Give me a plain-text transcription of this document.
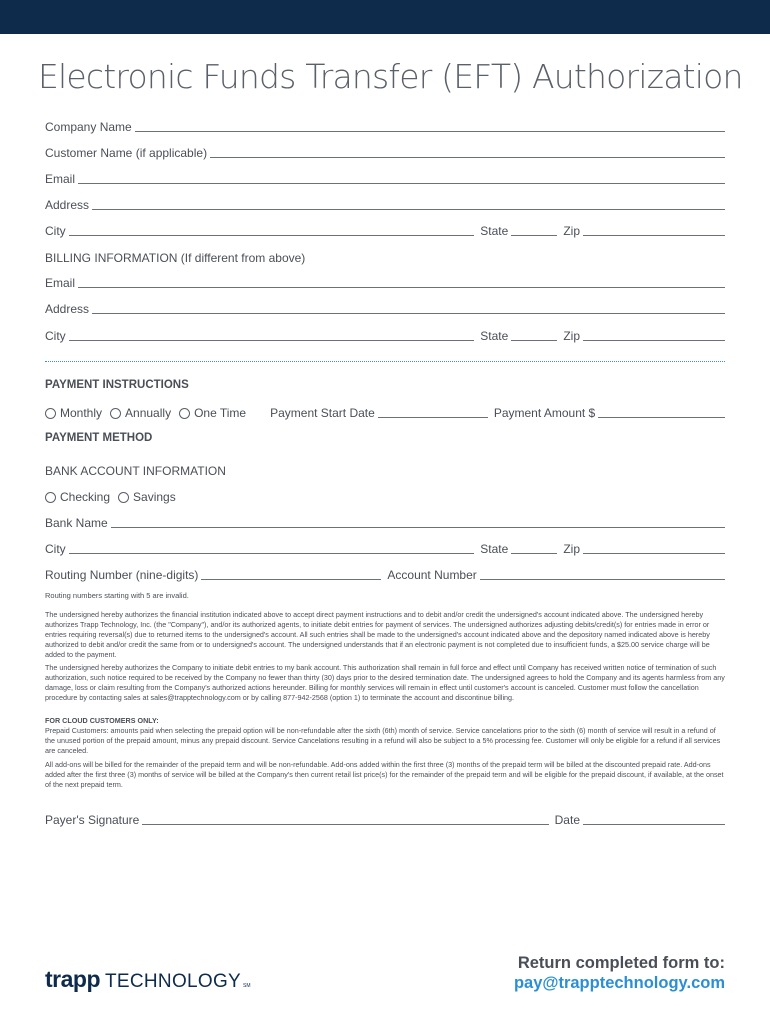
Electronic Funds Transfer (EFT) Authorization
Company Name
Customer Name (if applicable)
Email
Address
City	State	Zip
BILLING INFORMATION (If different from above)
Email
Address
City	State	Zip
PAYMENT INSTRUCTIONS
Monthly Annually One Time Payment Start Date	Payment Amount $
PAYMENT METHOD
BANK ACCOUNT INFORMATION
Checking Savings
Bank Name
City	State	Zip
Routing Number (nine-digits)	Account Number
Routing numbers starting with 5 are invalid.

The undersigned hereby authorizes the financial institution indicated above to accept direct payment instructions and to debit and/or credit the undersigned's account indicated above. The undersigned hereby authorizes Trapp Technology, Inc. (the "Company"), and/or its authorized agents, to initiate debit entries for payment of services. The undersigned authorizes adjusting debits/credit(s) for entries made in error or entries requiring reversal(s) due to returned items to the undersigned's account. All such entries shall be made to the undersigned's account indicated above and the depository named indicated above is hereby authorized to debit and/or credit the same from or to undersigned's account. The undersigned understands that if an electronic payment is not completed due to insufficient funds, a $25.00 service charge will be added to the payment.

The undersigned hereby authorizes the Company to initiate debit entries to my bank account. This authorization shall remain in full force and effect until Company has received written notice of termination of such authorization, such notice required to be received by the Company no fewer than thirty (30) days prior to the desired termination date. The undersigned agrees to hold the Company and its agents harmless from any damage, loss or claim resulting from the Company's authorized actions hereunder. Billing for monthly services will remain in effect until customer's account is canceled. Customer must follow the cancellation procedure by contacting sales at sales@trapptechnology.com or by calling 877-942-2568 (option 1) to terminate the account and discontinue billing.

FOR CLOUD CUSTOMERS ONLY:

Prepaid Customers: amounts paid when selecting the prepaid option will be non-refundable after the sixth (6th) month of service. Service cancelations prior to the sixth (6) month of service will result in a refund of the unused portion of the prepaid amount, minus any prepaid discount. Service Cancelations resulting in a refund will also be subject to a 5% processing fee. Customer will only be eligible for a refund if all services are canceled.

All add-ons will be billed for the remainder of the prepaid term and will be non-refundable. Add-ons added within the first three (3) months of the prepaid term will be billed at the discounted prepaid rate. Add-ons added after the first three (3) months of service will be billed at the Company's then current retail list price(s) for the remainder of the prepaid term and will be eligible for the prepaid discount, if available, at the onset of the next prepaid term.

Payer's Signature	Date
trapp TECHNOLOGY SM
Return completed form to:
pay@trapptechnology.com
